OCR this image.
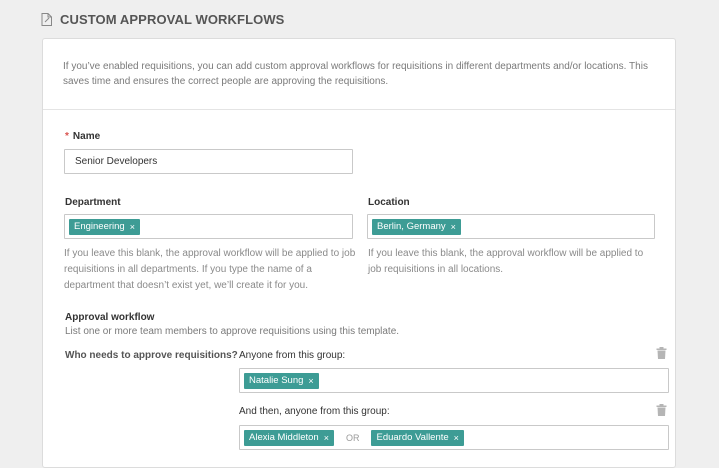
CUSTOM APPROVAL WORKFLOWS
If you’ve enabled requisitions, you can add custom approval workflows for requisitions in different departments and/or locations. This saves time and ensures the correct people are approving the requisitions.
* Name
Senior Developers
Department
Engineering ×
If you leave this blank, the approval workflow will be applied to job requisitions in all departments. If you type the name of a department that doesn’t exist yet, we’ll create it for you.
Location
Berlin, Germany ×
If you leave this blank, the approval workflow will be applied to job requisitions in all locations.
Approval workflow
List one or more team members to approve requisitions using this template.
Who needs to approve requisitions? Anyone from this group:
Natalie Sung ×
And then, anyone from this group:
Alexia Middleton × OR Eduardo Vallente ×
